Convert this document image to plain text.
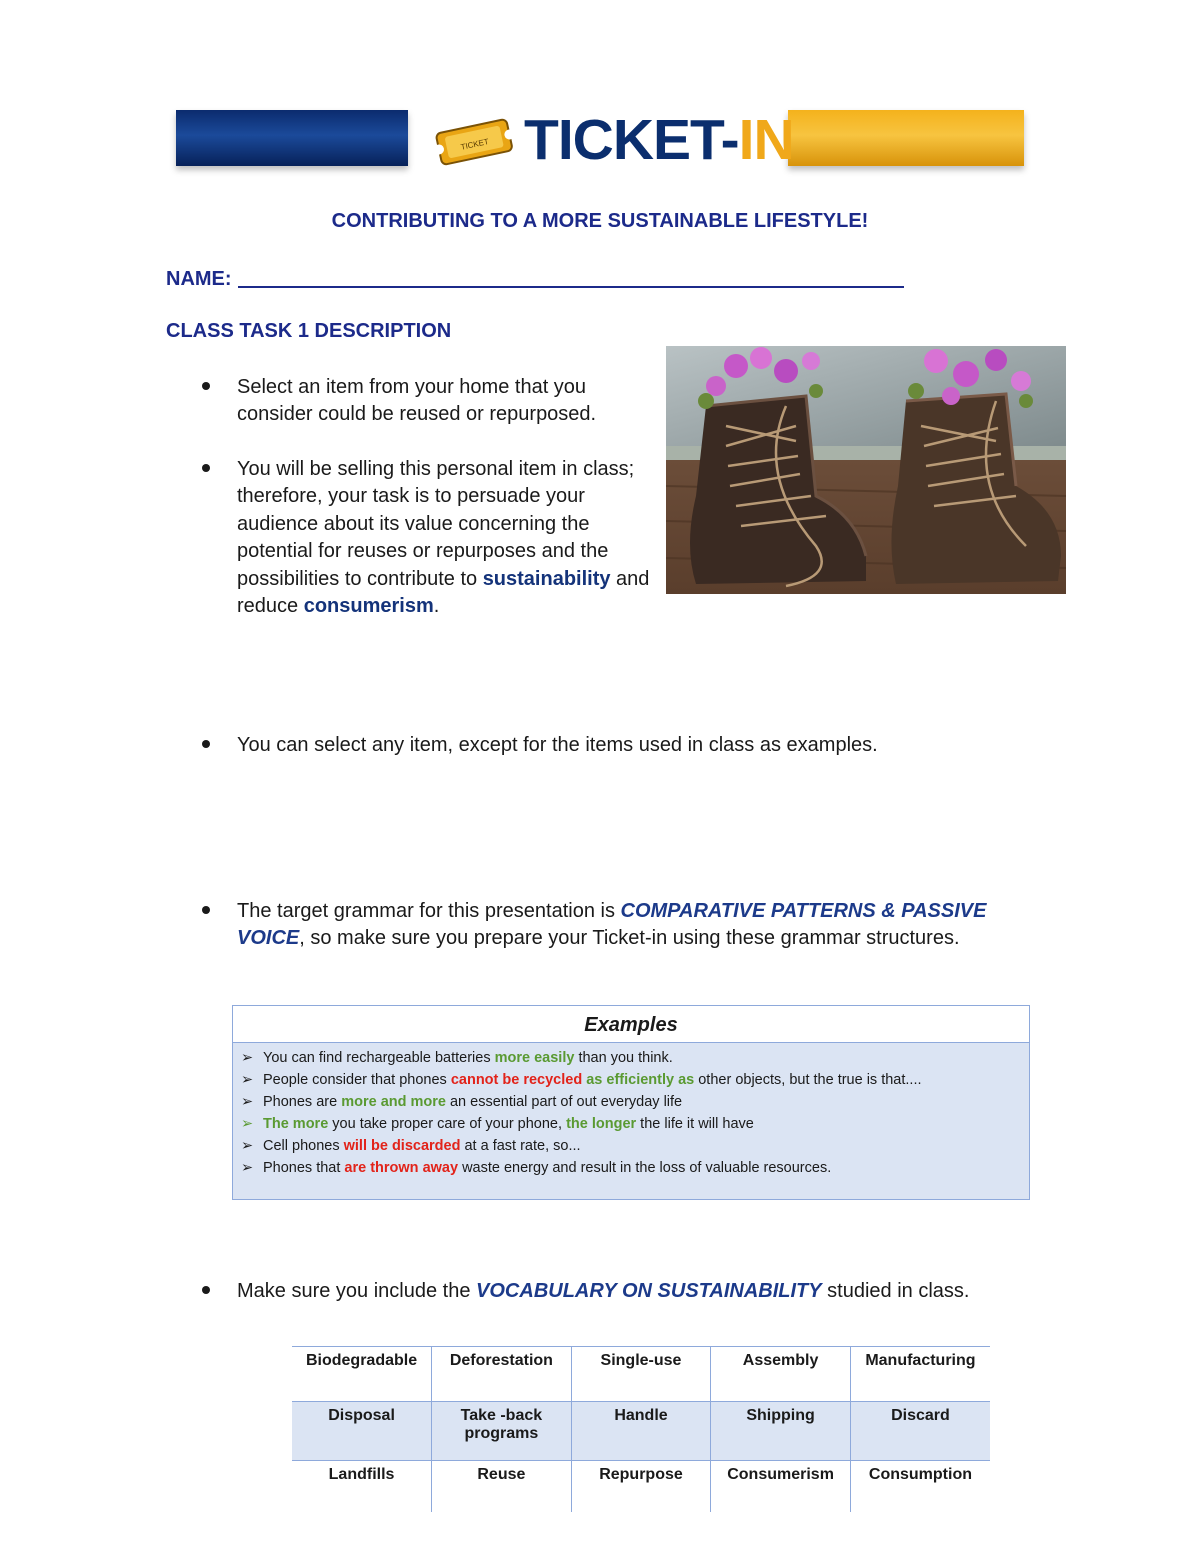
TICKET TICKET-IN
CONTRIBUTING TO A MORE SUSTAINABLE LIFESTYLE!
NAME:
CLASS TASK 1 DESCRIPTION
Select an item from your home that you consider could be reused or repurposed.
You will be selling this personal item in class; therefore, your task is to persuade your audience about its value concerning the potential for reuses or repurposes and the possibilities to contribute to sustainability and reduce consumerism.
You can select any item, except for the items used in class as examples.
The target grammar for this presentation is COMPARATIVE PATTERNS & PASSIVE VOICE, so make sure you prepare your Ticket-in using these grammar structures.
Examples
➢ You can find rechargeable batteries more easily than you think.
➢ People consider that phones cannot be recycled as efficiently as other objects, but the true is that....
➢ Phones are more and more an essential part of out everyday life
➢ The more you take proper care of your phone, the longer the life it will have
➢ Cell phones will be discarded at a fast rate, so...
➢ Phones that are thrown away waste energy and result in the loss of valuable resources.
Make sure you include the VOCABULARY ON SUSTAINABILITY studied in class.
Biodegradable	Deforestation	Single-use	Assembly	Manufacturing
Disposal	Take -back programs	Handle	Shipping	Discard
Landfills	Reuse	Repurpose	Consumerism	Consumption
